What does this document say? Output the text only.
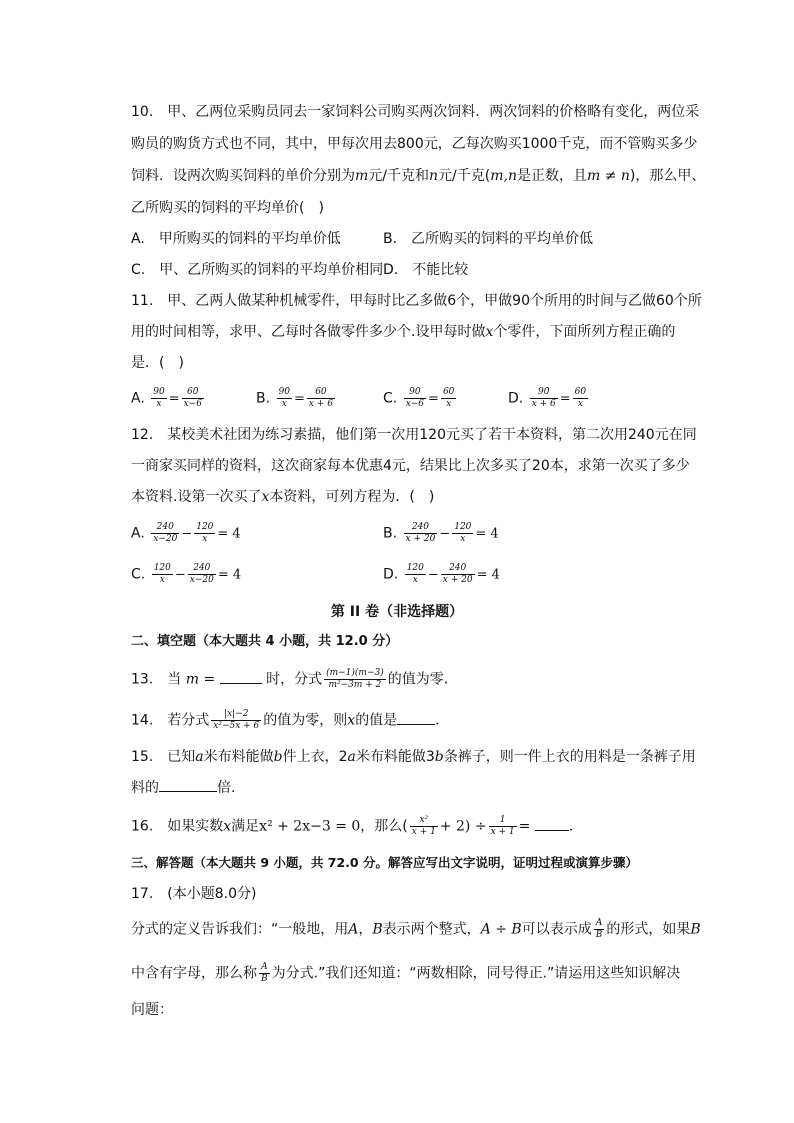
10. 甲、乙两位采购员同去一家饲料公司购买两次饲料．两次饲料的价格略有变化，两位采
购员的购货方式也不同，其中，甲每次用去800元，乙每次购买1000千克，而不管购买多少
饲料．设两次购买饲料的单价分别为m元/千克和n元/千克(m,n是正数，且m ≠ n)，那么甲、
乙所购买的饲料的平均单价( )
A. 甲所购买的饲料的平均单价低	B. 乙所购买的饲料的平均单价低
C. 甲、乙所购买的饲料的平均单价相同 D. 不能比较
11. 甲、乙两人做某种机械零件，甲每时比乙多做6个，甲做90个所用的时间与乙做60个所
用的时间相等，求甲、乙每时各做零件多少个.设甲每时做x个零件，下面所列方程正确的
是．( )
A. $\frac{90}{x} = \frac{60}{x-6}$	B. $\frac{90}{x} = \frac{60}{x + 6}$	C. $\frac{90}{x-6} = \frac{60}{x}$	D. $\frac{90}{x + 6} = \frac{60}{x}$
12. 某校美术社团为练习素描，他们第一次用120元买了若干本资料，第二次用240元在同
一商家买同样的资料，这次商家每本优惠4元，结果比上次多买了20本，求第一次买了多少
本资料.设第一次买了x本资料，可列方程为．( )
A. $\frac{240}{x-20} - \frac{120}{x} = 4$	B. $\frac{240}{x + 20} - \frac{120}{x} = 4$
C. $\frac{120}{x} - \frac{240}{x-20} = 4$	D. $\frac{120}{x} - \frac{240}{x + 20} = 4$
第 II 卷（非选择题）
二、填空题（本大题共 4 小题，共 12.0 分）
13. 当 m =	时，分式 $\frac{(m-1)(m-3)}{\text{m²−3m + 2}}$ 的值为零．
14. 若分式 $\frac{|x|-2}{\text{x²−5x + 6}}$ 的值为零，则x的值是	．
15. 已知a米布料能做b件上衣，2a米布料能做3b条裤子，则一件上衣的用料是一条裤子用
料的	倍.
16. 如果实数x满足x² + 2x−3 = 0，那么( $\frac{\text{x²}}{x + 1} + 2) \div \frac{1}{x + 1}$ =	．
三、解答题（本大题共 9 小题，共 72.0 分。解答应写出文字说明，证明过程或演算步骤）
17. (本小题8.0分)
分式的定义告诉我们：“一般地，用A，B表示两个整式，A ÷ B可以表示成 $\frac{A}{B}$ 的形式，如果B
中含有字母，那么称 $\frac{A}{B}$ 为分式.”我们还知道：“两数相除，同号得正.”请运用这些知识解决
问题：
